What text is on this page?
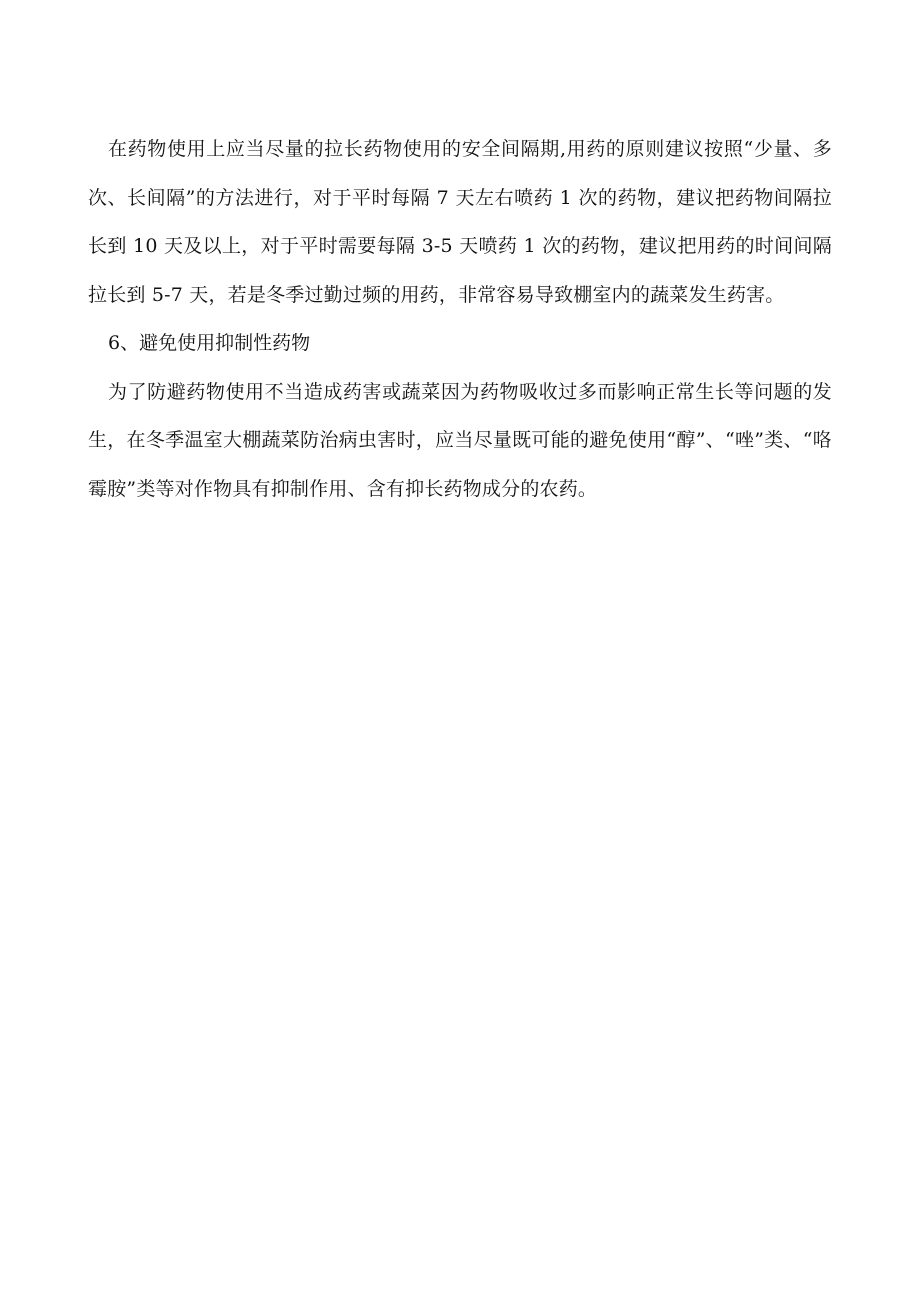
在药物使用上应当尽量的拉长药物使用的安全间隔期,用药的原则建议按照“少量、多次、长间隔”的方法进行，对于平时每隔 7 天左右喷药 1 次的药物，建议把药物间隔拉长到 10 天及以上，对于平时需要每隔 3-5 天喷药 1 次的药物，建议把用药的时间间隔拉长到 5-7 天，若是冬季过勤过频的用药，非常容易导致棚室内的蔬菜发生药害。

6、避免使用抑制性药物

为了防避药物使用不当造成药害或蔬菜因为药物吸收过多而影响正常生长等问题的发生，在冬季温室大棚蔬菜防治病虫害时，应当尽量既可能的避免使用“醇”、“唑”类、“咯霉胺”类等对作物具有抑制作用、含有抑长药物成分的农药。
